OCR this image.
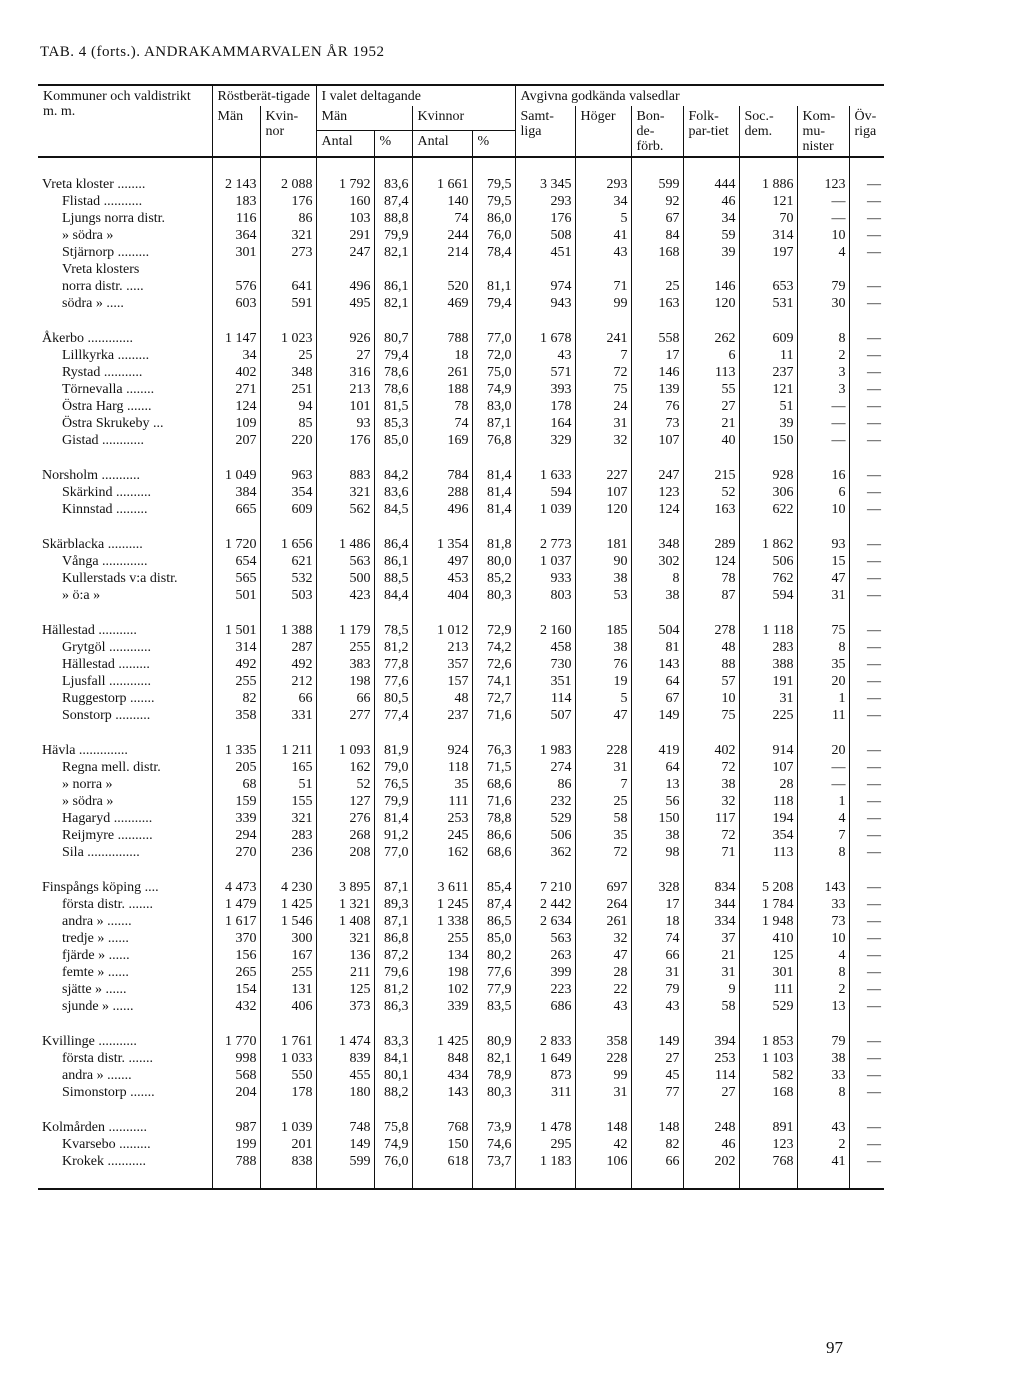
TAB. 4 (forts.). ANDRAKAMMARVALEN ÅR 1952
Kommuner och valdistrikt m. m.	Röstberät-tigade		I valet deltagande				Avgivna godkända valsedlar						
	Män	Kvin-nor	Män		Kvinnor		Samt-liga	Höger	Bon-de-förb.	Folk-par-tiet	Soc.-dem.	Kom-mu-nister	Öv-riga
			Antal	%	Antal	%							

Vreta kloster ........	2 143	2 088	1 792	83,6	1 661	79,5	3 345	293	599	444	1 886	123	—
Flistad ...........	183	176	160	87,4	140	79,5	293	34	92	46	121	—	—
Ljungs norra distr.	116	86	103	88,8	74	86,0	176	5	67	34	70	—	—
» södra »	364	321	291	79,9	244	76,0	508	41	84	59	314	10	—
Stjärnorp .........	301	273	247	82,1	214	78,4	451	43	168	39	197	4	—
Vreta klosters													
norra distr. .....	576	641	496	86,1	520	81,1	974	71	25	146	653	79	—
södra » .....	603	591	495	82,1	469	79,4	943	99	163	120	531	30	—

Åkerbo .............	1 147	1 023	926	80,7	788	77,0	1 678	241	558	262	609	8	—
Lillkyrka .........	34	25	27	79,4	18	72,0	43	7	17	6	11	2	—
Rystad ...........	402	348	316	78,6	261	75,0	571	72	146	113	237	3	—
Törnevalla ........	271	251	213	78,6	188	74,9	393	75	139	55	121	3	—
Östra Harg .......	124	94	101	81,5	78	83,0	178	24	76	27	51	—	—
Östra Skrukeby ...	109	85	93	85,3	74	87,1	164	31	73	21	39	—	—
Gistad ............	207	220	176	85,0	169	76,8	329	32	107	40	150	—	—

Norsholm ...........	1 049	963	883	84,2	784	81,4	1 633	227	247	215	928	16	—
Skärkind ..........	384	354	321	83,6	288	81,4	594	107	123	52	306	6	—
Kinnstad .........	665	609	562	84,5	496	81,4	1 039	120	124	163	622	10	—

Skärblacka ..........	1 720	1 656	1 486	86,4	1 354	81,8	2 773	181	348	289	1 862	93	—
Vånga .............	654	621	563	86,1	497	80,0	1 037	90	302	124	506	15	—
Kullerstads v:a distr.	565	532	500	88,5	453	85,2	933	38	8	78	762	47	—
» ö:a »	501	503	423	84,4	404	80,3	803	53	38	87	594	31	—

Hällestad ...........	1 501	1 388	1 179	78,5	1 012	72,9	2 160	185	504	278	1 118	75	—
Grytgöl ............	314	287	255	81,2	213	74,2	458	38	81	48	283	8	—
Hällestad .........	492	492	383	77,8	357	72,6	730	76	143	88	388	35	—
Ljusfall ............	255	212	198	77,6	157	74,1	351	19	64	57	191	20	—
Ruggestorp .......	82	66	66	80,5	48	72,7	114	5	67	10	31	1	—
Sonstorp ..........	358	331	277	77,4	237	71,6	507	47	149	75	225	11	—

Hävla ..............	1 335	1 211	1 093	81,9	924	76,3	1 983	228	419	402	914	20	—
Regna mell. distr.	205	165	162	79,0	118	71,5	274	31	64	72	107	—	—
» norra »	68	51	52	76,5	35	68,6	86	7	13	38	28	—	—
» södra »	159	155	127	79,9	111	71,6	232	25	56	32	118	1	—
Hagaryd ...........	339	321	276	81,4	253	78,8	529	58	150	117	194	4	—
Reijmyre ..........	294	283	268	91,2	245	86,6	506	35	38	72	354	7	—
Sila ...............	270	236	208	77,0	162	68,6	362	72	98	71	113	8	—

Finspångs köping ....	4 473	4 230	3 895	87,1	3 611	85,4	7 210	697	328	834	5 208	143	—
första distr. .......	1 479	1 425	1 321	89,3	1 245	87,4	2 442	264	17	344	1 784	33	—
andra » .......	1 617	1 546	1 408	87,1	1 338	86,5	2 634	261	18	334	1 948	73	—
tredje » ......	370	300	321	86,8	255	85,0	563	32	74	37	410	10	—
fjärde » ......	156	167	136	87,2	134	80,2	263	47	66	21	125	4	—
femte » ......	265	255	211	79,6	198	77,6	399	28	31	31	301	8	—
sjätte » ......	154	131	125	81,2	102	77,9	223	22	79	9	111	2	—
sjunde » ......	432	406	373	86,3	339	83,5	686	43	43	58	529	13	—

Kvillinge ...........	1 770	1 761	1 474	83,3	1 425	80,9	2 833	358	149	394	1 853	79	—
första distr. .......	998	1 033	839	84,1	848	82,1	1 649	228	27	253	1 103	38	—
andra » .......	568	550	455	80,1	434	78,9	873	99	45	114	582	33	—
Simonstorp .......	204	178	180	88,2	143	80,3	311	31	77	27	168	8	—

Kolmården ...........	987	1 039	748	75,8	768	73,9	1 478	148	148	248	891	43	—
Kvarsebo .........	199	201	149	74,9	150	74,6	295	42	82	46	123	2	—
Krokek ...........	788	838	599	76,0	618	73,7	1 183	106	66	202	768	41	—

97
